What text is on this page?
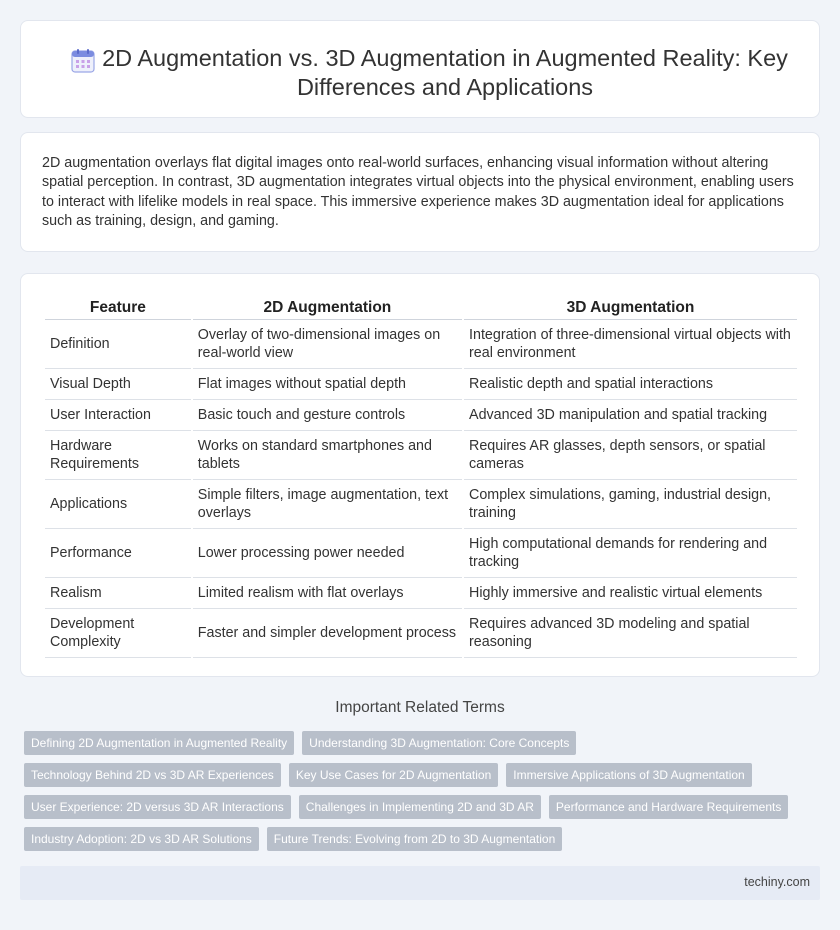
2D Augmentation vs. 3D Augmentation in Augmented Reality: Key Differences and Applications

2D augmentation overlays flat digital images onto real-world surfaces, enhancing visual information without altering spatial perception. In contrast, 3D augmentation integrates virtual objects into the physical environment, enabling users to interact with lifelike models in real space. This immersive experience makes 3D augmentation ideal for applications such as training, design, and gaming.

Feature	2D Augmentation	3D Augmentation
Definition	Overlay of two-dimensional images on real-world view	Integration of three-dimensional virtual objects with real environment
Visual Depth	Flat images without spatial depth	Realistic depth and spatial interactions
User Interaction	Basic touch and gesture controls	Advanced 3D manipulation and spatial tracking
Hardware Requirements	Works on standard smartphones and tablets	Requires AR glasses, depth sensors, or spatial cameras
Applications	Simple filters, image augmentation, text overlays	Complex simulations, gaming, industrial design, training
Performance	Lower processing power needed	High computational demands for rendering and tracking
Realism	Limited realism with flat overlays	Highly immersive and realistic virtual elements
Development Complexity	Faster and simpler development process	Requires advanced 3D modeling and spatial reasoning
Important Related Terms
Defining 2D Augmentation in Augmented Reality	Understanding 3D Augmentation: Core Concepts
Technology Behind 2D vs 3D AR Experiences	Key Use Cases for 2D Augmentation	Immersive Applications of 3D Augmentation
User Experience: 2D versus 3D AR Interactions	Challenges in Implementing 2D and 3D AR	Performance and Hardware Requirements
Industry Adoption: 2D vs 3D AR Solutions	Future Trends: Evolving from 2D to 3D Augmentation
techiny.com
